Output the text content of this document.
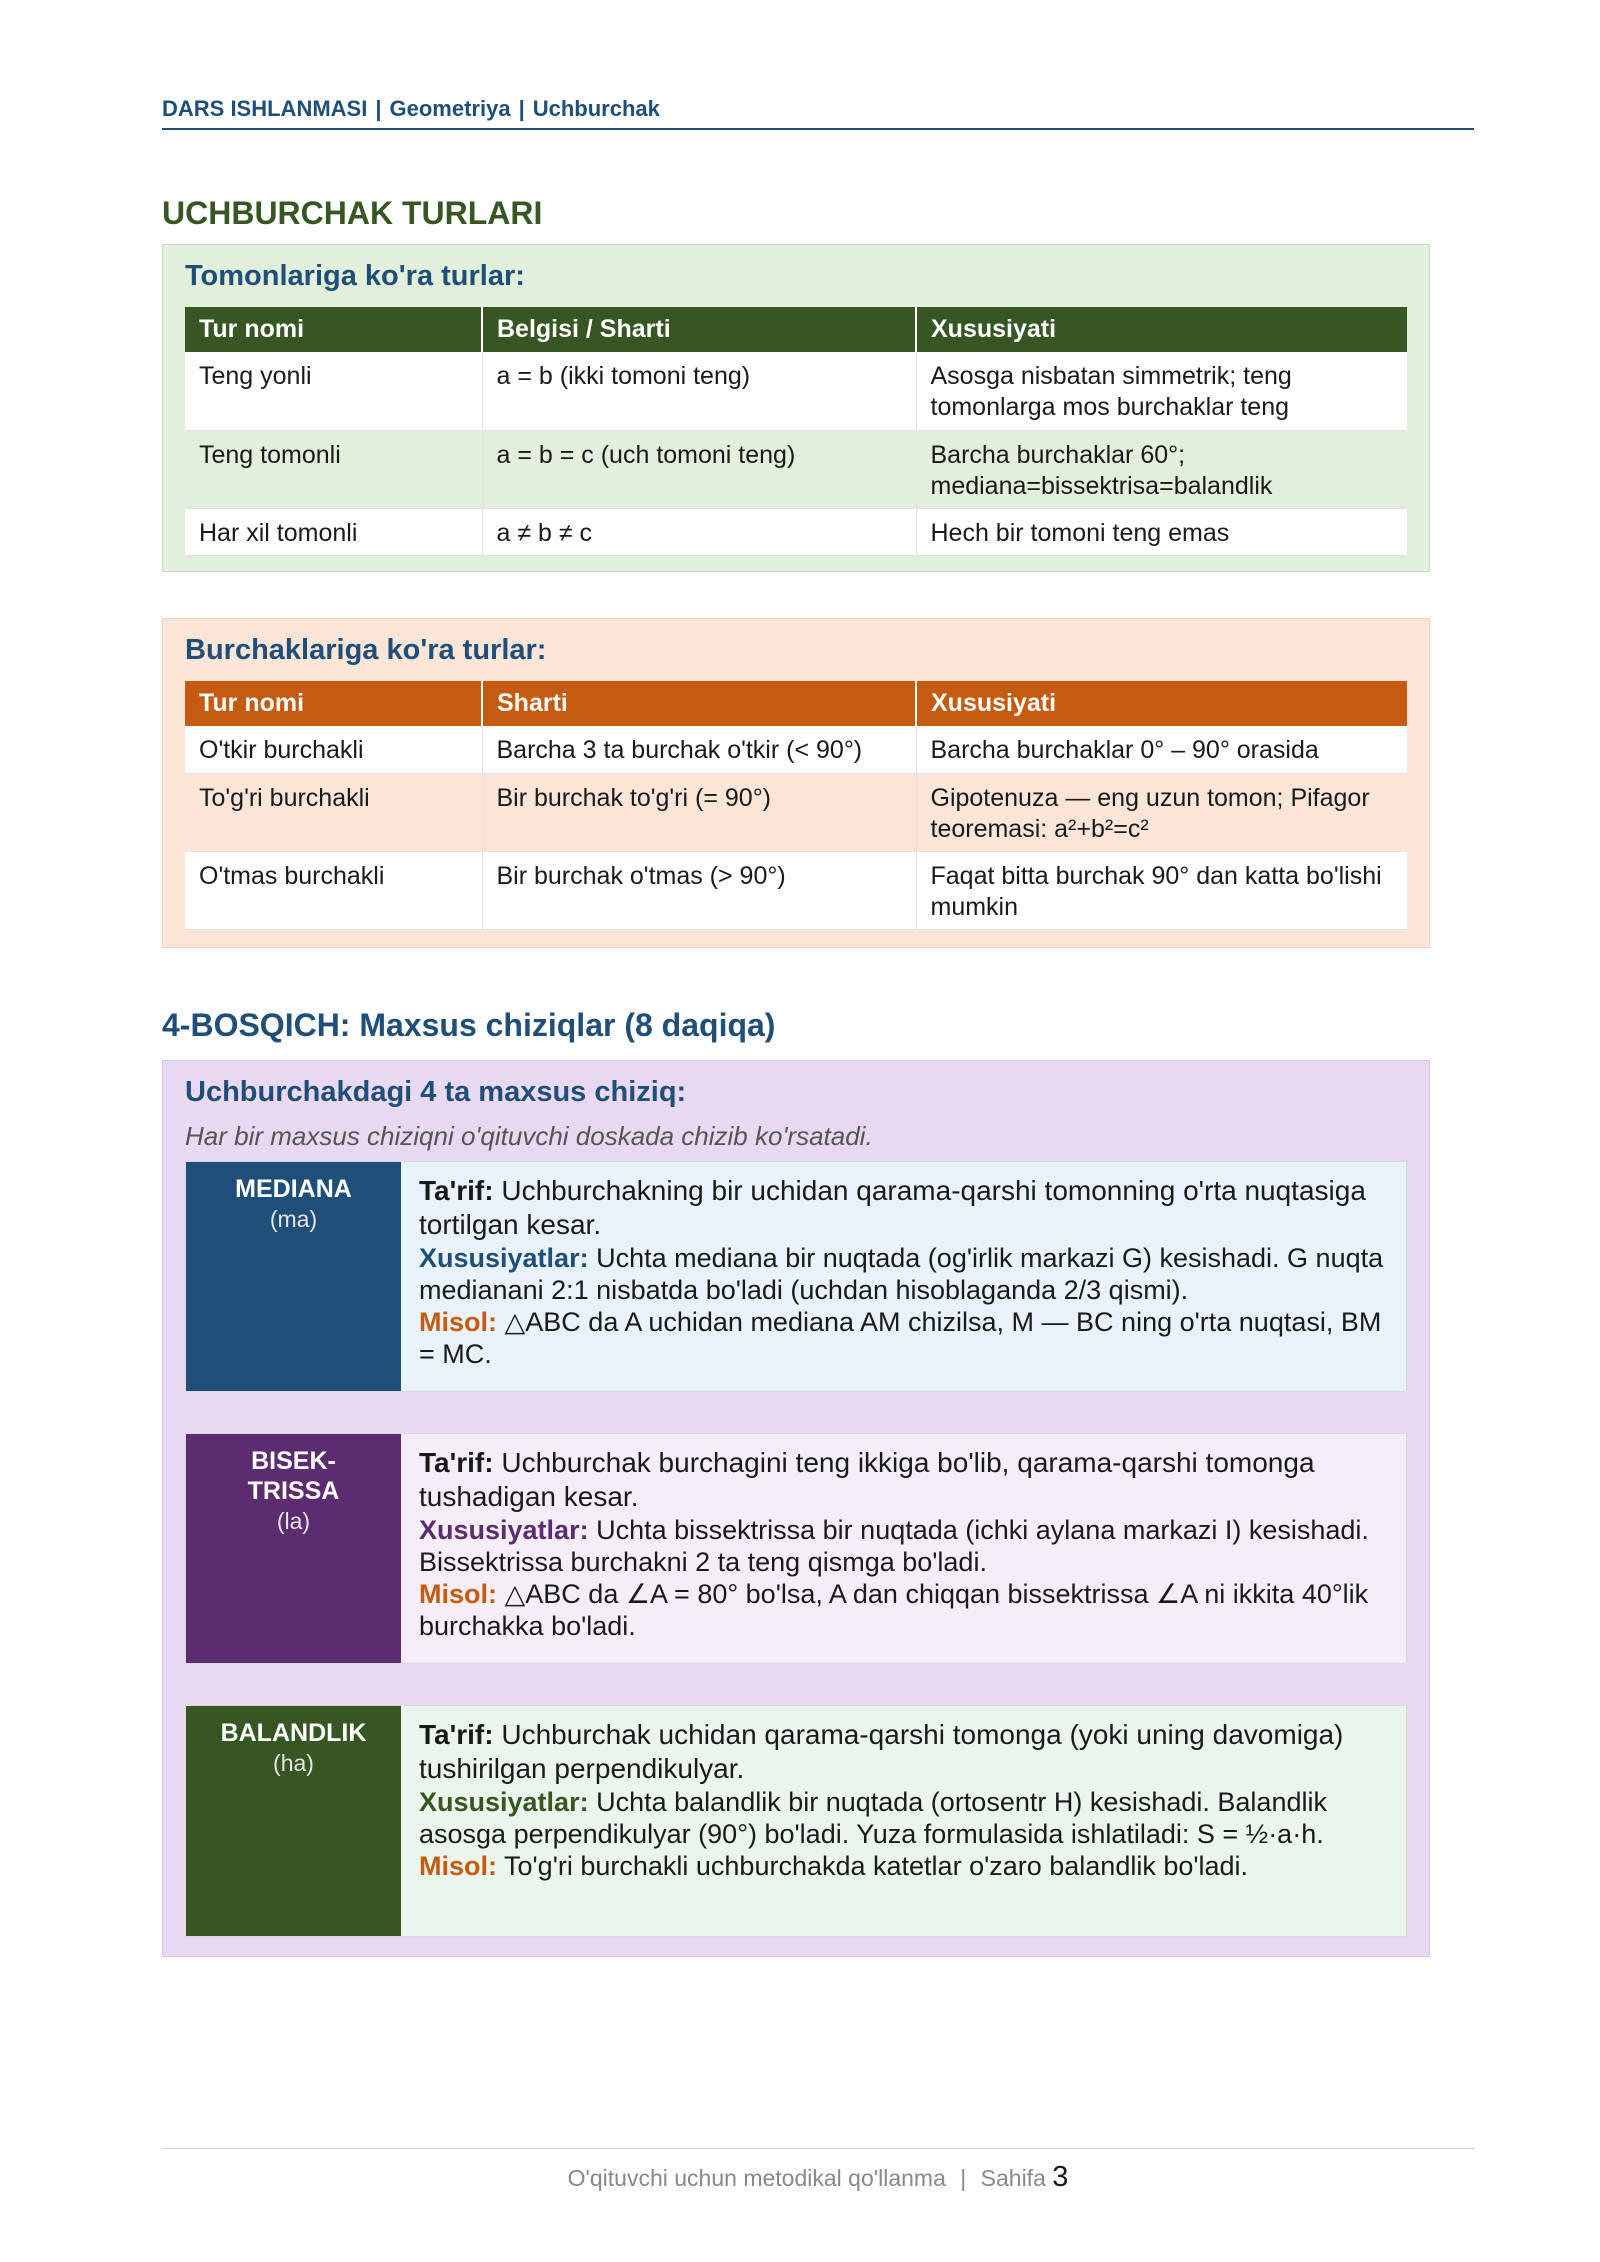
DARS ISHLANMASI | Geometriya | Uchburchak
UCHBURCHAK TURLARI
Tomonlariga ko'ra turlar:
Tur nomi	Belgisi / Sharti	Xususiyati
Teng yonli	a = b (ikki tomoni teng)	Asosga nisbatan simmetrik; teng tomonlarga mos burchaklar teng
Teng tomonli	a = b = c (uch tomoni teng)	Barcha burchaklar 60°; mediana=bissektrisa=balandlik
Har xil tomonli	a ≠ b ≠ c	Hech bir tomoni teng emas
Burchaklariga ko'ra turlar:
Tur nomi	Sharti	Xususiyati
O'tkir burchakli	Barcha 3 ta burchak o'tkir (< 90°)	Barcha burchaklar 0° – 90° orasida
To'g'ri burchakli	Bir burchak to'g'ri (= 90°)	Gipotenuza — eng uzun tomon; Pifagor teoremasi: a²+b²=c²
O'tmas burchakli	Bir burchak o'tmas (> 90°)	Faqat bitta burchak 90° dan katta bo'lishi mumkin
4-BOSQICH: Maxsus chiziqlar (8 daqiqa)
Uchburchakdagi 4 ta maxsus chiziq:
Har bir maxsus chiziqni o'qituvchi doskada chizib ko'rsatadi.
MEDIANA
(ma)

Ta'rif: Uchburchakning bir uchidan qarama-qarshi tomonning o'rta nuqtasiga tortilgan kesar.

Xususiyatlar: Uchta mediana bir nuqtada (og'irlik markazi G) kesishadi. G nuqta medianani 2:1 nisbatda bo'ladi (uchdan hisoblaganda 2/3 qismi).

Misol: △ABC da A uchidan mediana AM chizilsa, M — BC ning o'rta nuqtasi, BM = MC.

BISEK-
TRISSA
(la)

Ta'rif: Uchburchak burchagini teng ikkiga bo'lib, qarama-qarshi tomonga tushadigan kesar.

Xususiyatlar: Uchta bissektrissa bir nuqtada (ichki aylana markazi I) kesishadi. Bissektrissa burchakni 2 ta teng qismga bo'ladi.

Misol: △ABC da ∠A = 80° bo'lsa, A dan chiqqan bissektrissa ∠A ni ikkita 40°lik burchakka bo'ladi.

BALANDLIK
(ha)

Ta'rif: Uchburchak uchidan qarama-qarshi tomonga (yoki uning davomiga) tushirilgan perpendikulyar.

Xususiyatlar: Uchta balandlik bir nuqtada (ortosentr H) kesishadi. Balandlik asosga perpendikulyar (90°) bo'ladi. Yuza formulasida ishlatiladi: S = ½·a·h.

Misol: To'g'ri burchakli uchburchakda katetlar o'zaro balandlik bo'ladi.

O'qituvchi uchun metodikal qo'llanma | Sahifa 3
